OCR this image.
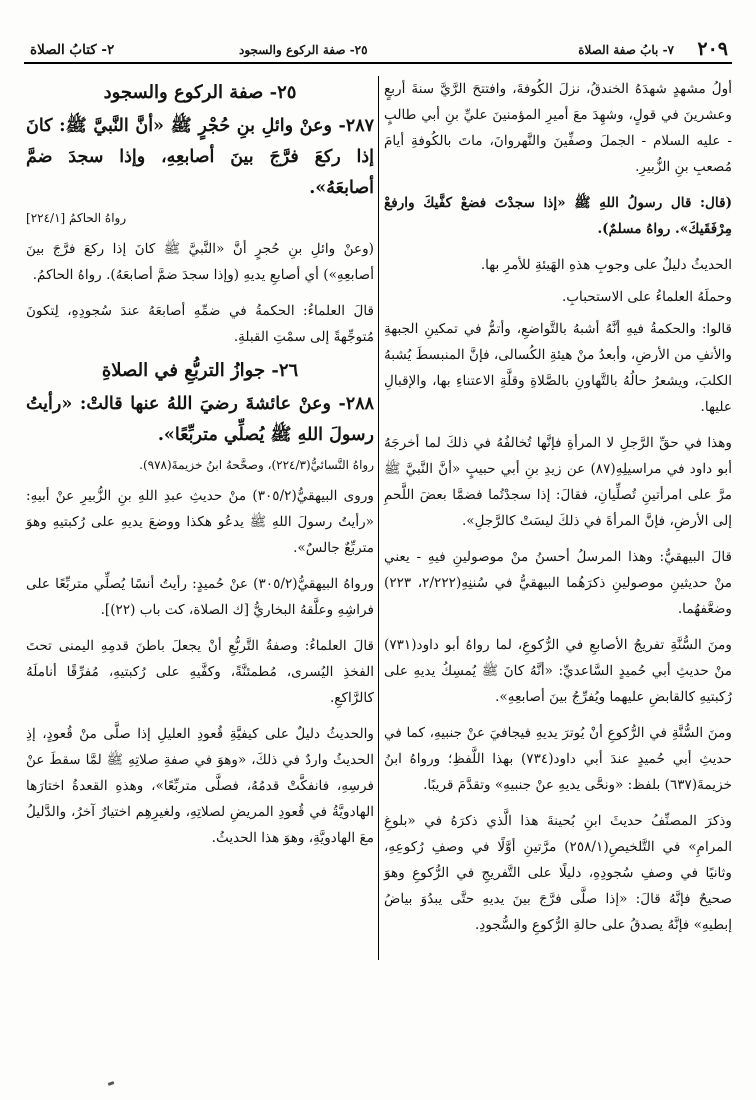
٢- كتابُ الصلاة	٢٥- صفة الركوع والسجود	٧- بابُ صفة الصلاة ٢٠٩

أولُ مشهدٍ شهدَهُ الخندقُ، نزلَ الكُوفةَ، وافتتحَ الرَّيَّ سنةَ أربعٍ وعشرينَ في قولٍ، وشهِدَ معَ أميرِ المؤمنينَ عليِّ بنِ أبي طالبٍ - عليه السلام - الجملَ وصفِّينَ والنَّهروانَ، ماتَ بالكُوفةِ أيامَ مُصعبِ بنِ الزُّبيرِ.

(قال: قال رسولُ اللهِ ﷺ «إذا سجدْتَ فضعْ كفَّيكَ وارفعْ مِرْفَقَيكَ». رواهُ مسلمٌ).

الحديثُ دليلٌ على وجوبِ هذهِ الهَيئةِ للأمرِ بها.

وحملَهُ العلماءُ على الاستحبابِ.

قالوا: والحكمةُ فيهِ أنَّهُ أشبهُ بالتَّواضعِ، وأتمُّ في تمكينِ الجبهةِ والأنفِ من الأرضِ، وأبعدُ منْ هيئةِ الكُسالى، فإنَّ المنبسطَ يُشبهُ الكلبَ، ويشعرُ حالُهُ بالتَّهاونِ بالصَّلاةِ وقلَّةِ الاعتناءِ بها، والإقبالِ عليها.

وهذا في حقِّ الرَّجلِ لا المرأةِ فإنَّها تُخالفُهُ في ذلكَ لما أخرجَهُ أبو داود في مراسيلِهِ(٨٧) عن زيدِ بنِ أبي حبيبٍ «أنَّ النَّبيَّ ﷺ مرَّ على امرأتينِ تُصلِّيانِ، فقالَ: إذا سجدْتُما فضمَّا بعضَ اللَّحمِ إلى الأرضِ، فإنَّ المرأةَ في ذلكَ ليسَتْ كالرَّجلِ».

قالَ البيهقيُّ: وهذا المرسلُ أحسنُ منْ موصولينِ فيهِ - يعني منْ حديثينِ موصولينِ ذكرَهُما البيهقيُّ في سُننِهِ(٢/٢٢٢، ٢٢٣) وضعَّفهُما.

ومنَ السُّنَّةِ تفريجُ الأصابعِ في الرُّكوعِ، لما رواهُ أبو داود(٧٣١) منْ حديثِ أبي حُميدٍ السَّاعديِّ: «أنَّهُ كانَ ﷺ يُمسِكُ يديهِ على رُكبتيهِ كالقابضِ عليهما ويُفرِّجُ بينَ أصابعِهِ».

ومنَ السُّنَّةِ في الرُّكوعِ أنْ يُوترَ يديهِ فيجافيَ عنْ جنبيهِ، كما في حديثِ أبي حُميدٍ عندَ أبي داود(٧٣٤) بهذا اللَّفظِ؛ ورواهُ ابنُ خزيمةَ(٦٣٧) بلفظ: «ونحَّى يديهِ عنْ جنبيهِ» وتقدَّمَ قريبًا.

وذكرَ المصنِّفُ حديثَ ابنِ بُحينةَ هذا الَّذي ذكرَهُ في «بلوغِ المرامِ» في التَّلخيصِ(٢٥٨/١) مرَّتينِ أوَّلًا في وصفِ رُكوعِهِ، وثانيًا في وصفِ سُجودِهِ، دليلًا على التَّفريجِ في الرُّكوعِ وهوَ صحيحٌ فإنَّهُ قالَ: «إذا صلَّى فرَّجَ بينَ يديهِ حتَّى يبدُوَ بياضُ إبطيهِ» فإنَّهُ يصدقُ على حالةِ الرُّكوعِ والسُّجودِ.

٢٥- صفة الركوع والسجود

٢٨٧- وعنْ وائلِ بنِ حُجْرٍ ﷺ «أنَّ النَّبيَّ ﷺ: كانَ إذا ركعَ فرَّجَ بينَ أصابعِهِ، وإذا سجدَ ضمَّ أصابعَهُ».

رواهُ الحاكمُ [٢٢٤/١]

(وعنْ وائلِ بنِ حُجرٍ أنَّ «النَّبيَّ ﷺ كانَ إذا ركعَ فرَّجَ بينَ أصابعِهِ») أي أصابعِ يديهِ (وإذا سجدَ ضمَّ أصابعَهُ). رواهُ الحاكمُ.

قالَ العلماءُ: الحكمةُ في ضمِّهِ أصابعَهُ عندَ سُجودِهِ، لِتكونَ مُتوجِّهةً إلى سمْتِ القبلةِ.

٢٦- جوازُ التربُّعِ في الصلاةِ

٢٨٨- وعنْ عائشةَ رضيَ اللهُ عنها قالتْ: «رأيتُ رسولَ اللهِ ﷺ يُصلِّي متربِّعًا».

رواهُ النَّسائيُّ(٢٢٤/٣)، وصحَّحهُ ابنُ خزيمةَ(٩٧٨).

وروى البيهقيُّ(٣٠٥/٢) منْ حديثِ عبدِ اللهِ بنِ الزُّبيرِ عنْ أبيهِ: «رأيتُ رسولَ اللهِ ﷺ يدعُو هكذا ووضعَ يديهِ على رُكبتيهِ وهوَ متربِّعٌ جالسٌ».

ورواهُ البيهقيُّ(٣٠٥/٢) عنْ حُميدٍ: رأيتُ أنسًا يُصلِّي متربِّعًا على فراشِهِ وعلَّقهُ البخاريُّ [ك الصلاة، كت باب (٢٢)].

قالَ العلماءُ: وصفةُ التَّربُّعِ أنْ يجعلَ باطنَ قدمِهِ اليمنى تحتَ الفخذِ اليُسرى، مُطمئنَّةً، وكفَّيهِ على رُكبتيهِ، مُفرِّقًا أناملَهُ كالرَّاكعِ.

والحديثُ دليلٌ على كيفيَّةِ قُعودِ العليلِ إذا صلَّى منْ قُعودٍ، إذِ الحديثُ واردٌ في ذلكَ، «وهوَ في صفةِ صلاتِهِ ﷺ لمَّا سقطَ عنْ فرسِهِ، فانفكَّتْ قدمُهُ، فصلَّى متربِّعًا»، وهذهِ القعدةُ اختارَها الهادويَّةُ في قُعودِ المريضِ لصلاتِهِ، ولغيرِهِم اختيارٌ آخرُ، والدَّليلُ معَ الهادويَّةِ، وهوَ هذا الحديثُ.
